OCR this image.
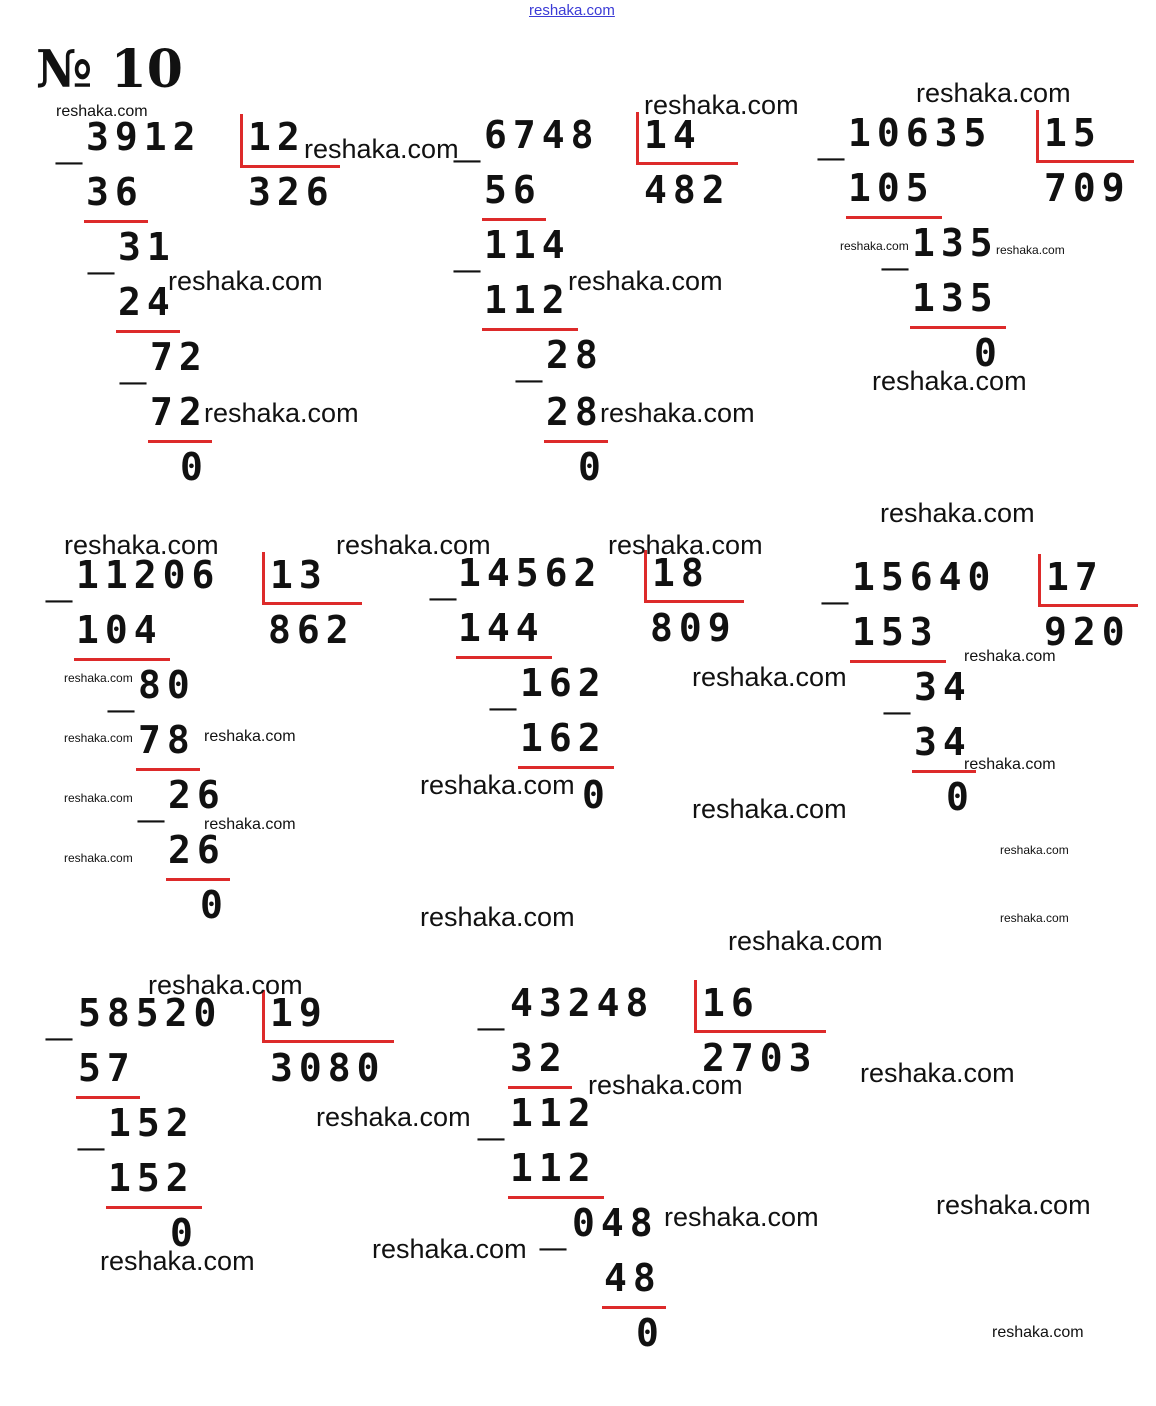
reshaka.com
№ 10
3912 12
326
—
36
31
—
24
72
—
72
0
6748 14
482
—
56
114
—
112
28
—
28
0
10635 15
709
—
105
135
—
135
0
11206 13
862
—
104
80
—
78
26
—
26
0
14562 18
809
—
144
162
—
162
0
15640 17
920
—
153
34
—
34
0
58520 19
3080
—
57
152
—
152
0
43248 16
2703
—
32
112
—
112
048
—
48
0
reshaka.com	reshaka.com	reshaka.com
reshaka.com
reshaka.com	reshaka.com
reshaka.com	reshaka.com
reshaka.com
reshaka.com	reshaka.com
reshaka.com
reshaka.com	reshaka.com	reshaka.com
reshaka.com
reshaka.com
reshaka.com
reshaka.com	reshaka.com
reshaka.com
reshaka.com
reshaka.com	reshaka.com
reshaka.com
reshaka.com
reshaka.com
reshaka.com	reshaka.com
reshaka.com
reshaka.com
reshaka.com
reshaka.com
reshaka.com
reshaka.com
reshaka.com
reshaka.com
reshaka.com
reshaka.com
